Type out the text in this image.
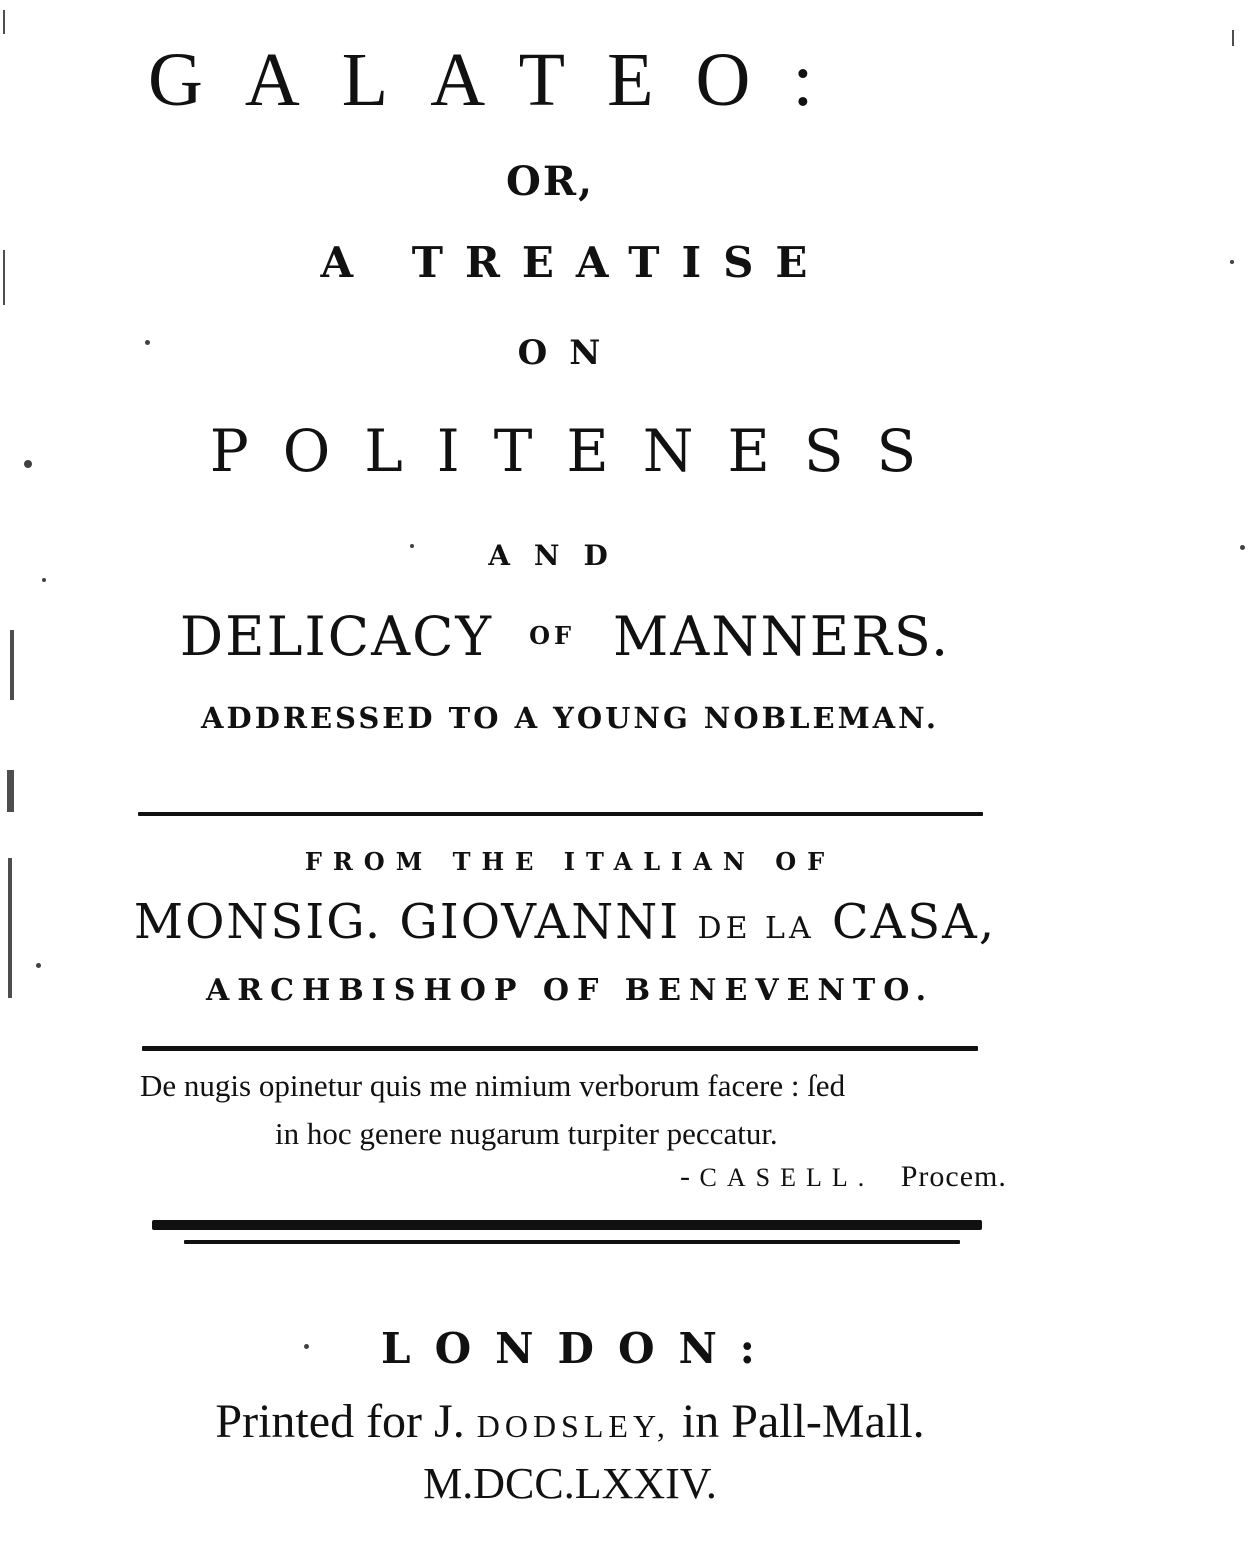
GALATEO:
OR,
A TREATISE
ON
POLITENESS
AND
DELICACY $^{OF}$ MANNERS.
ADDRESSED TO A YOUNG NOBLEMAN.
FROM THE ITALIAN OF
MONSIG. GIOVANNI DE LA CASA,
ARCHBISHOP OF BENEVENTO.
De nugis opinetur quis me nimium verborum facere : ſed
in hoc genere nugarum turpiter peccatur.
- CASELL. Procem.
LONDON:
Printed for J. DODSLEY, in Pall-Mall.
M.DCC.LXXIV.
